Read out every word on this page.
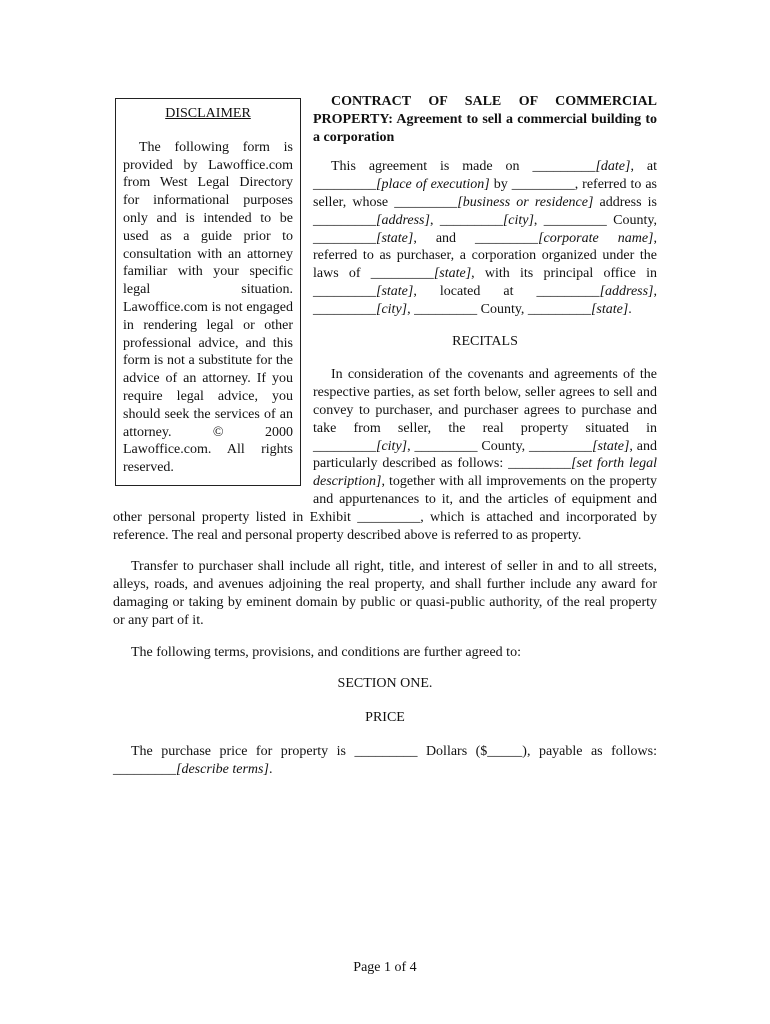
DISCLAIMER

The following form is provided by Lawoffice.com from West Legal Directory for informational purposes only and is intended to be used as a guide prior to consultation with an attorney familiar with your specific legal situation. Lawoffice.com is not engaged in rendering legal or other professional advice, and this form is not a substitute for the advice of an attorney. If you require legal advice, you should seek the services of an attorney. © 2000 Lawoffice.com. All rights reserved.

CONTRACT OF SALE OF COMMERCIAL PROPERTY: Agreement to sell a commercial building to a corporation

This agreement is made on _________[date], at _________[place of execution] by _________, referred to as seller, whose _________[business or residence] address is _________[address], _________[city], _________ County, _________[state], and _________[corporate name], referred to as purchaser, a corporation organized under the laws of _________[state], with its principal office in _________[state], located at _________[address], _________[city], _________ County, _________[state].

RECITALS

In consideration of the covenants and agreements of the respective parties, as set forth below, seller agrees to sell and convey to purchaser, and purchaser agrees to purchase and take from seller, the real property situated in _________[city], _________ County, _________[state], and particularly described as follows: _________[set forth legal description], together with all improvements on the property and appurtenances to it, and the articles of equipment and other personal property listed in Exhibit _________, which is attached and incorporated by reference. The real and personal property described above is referred to as property.

Transfer to purchaser shall include all right, title, and interest of seller in and to all streets, alleys, roads, and avenues adjoining the real property, and shall further include any award for damaging or taking by eminent domain by public or quasi-public authority, of the real property or any part of it.

The following terms, provisions, and conditions are further agreed to:

SECTION ONE.

PRICE

The purchase price for property is _________ Dollars ($_____), payable as follows: _________[describe terms].

Page 1 of 4
